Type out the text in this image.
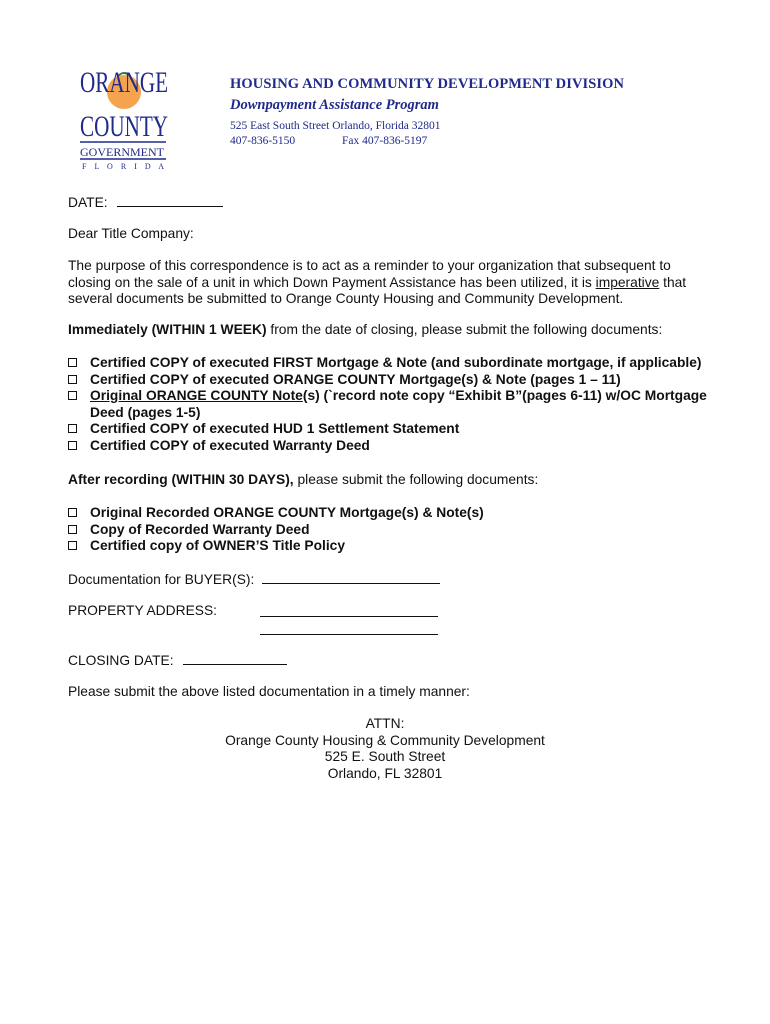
ORANGE
COUNTY
GOVERNMENT
F L O R I D A
HOUSING AND COMMUNITY DEVELOPMENT DIVISION
Downpayment Assistance Program
525 East South Street Orlando, Florida 32801
407-836-5150	Fax 407-836-5197
DATE:
Dear Title Company:
The purpose of this correspondence is to act as a reminder to your organization that subsequent to closing on the sale of a unit in which Down Payment Assistance has been utilized, it is imperative that several documents be submitted to Orange County Housing and Community Development.
Immediately (WITHIN 1 WEEK) from the date of closing, please submit the following documents:
Certified COPY of executed FIRST Mortgage & Note (and subordinate mortgage, if applicable)
Certified COPY of executed ORANGE COUNTY Mortgage(s) & Note (pages 1 – 11)
Original ORANGE COUNTY Note(s) (`record note copy “Exhibit B”(pages 6-11) w/OC Mortgage Deed (pages 1-5)
Certified COPY of executed HUD 1 Settlement Statement
Certified COPY of executed Warranty Deed
After recording (WITHIN 30 DAYS), please submit the following documents:
Original Recorded ORANGE COUNTY Mortgage(s) & Note(s)
Copy of Recorded Warranty Deed
Certified copy of OWNER’S Title Policy
Documentation for BUYER(S):
PROPERTY ADDRESS:
CLOSING DATE:
Please submit the above listed documentation in a timely manner:
ATTN:
Orange County Housing & Community Development
525 E. South Street
Orlando, FL 32801
